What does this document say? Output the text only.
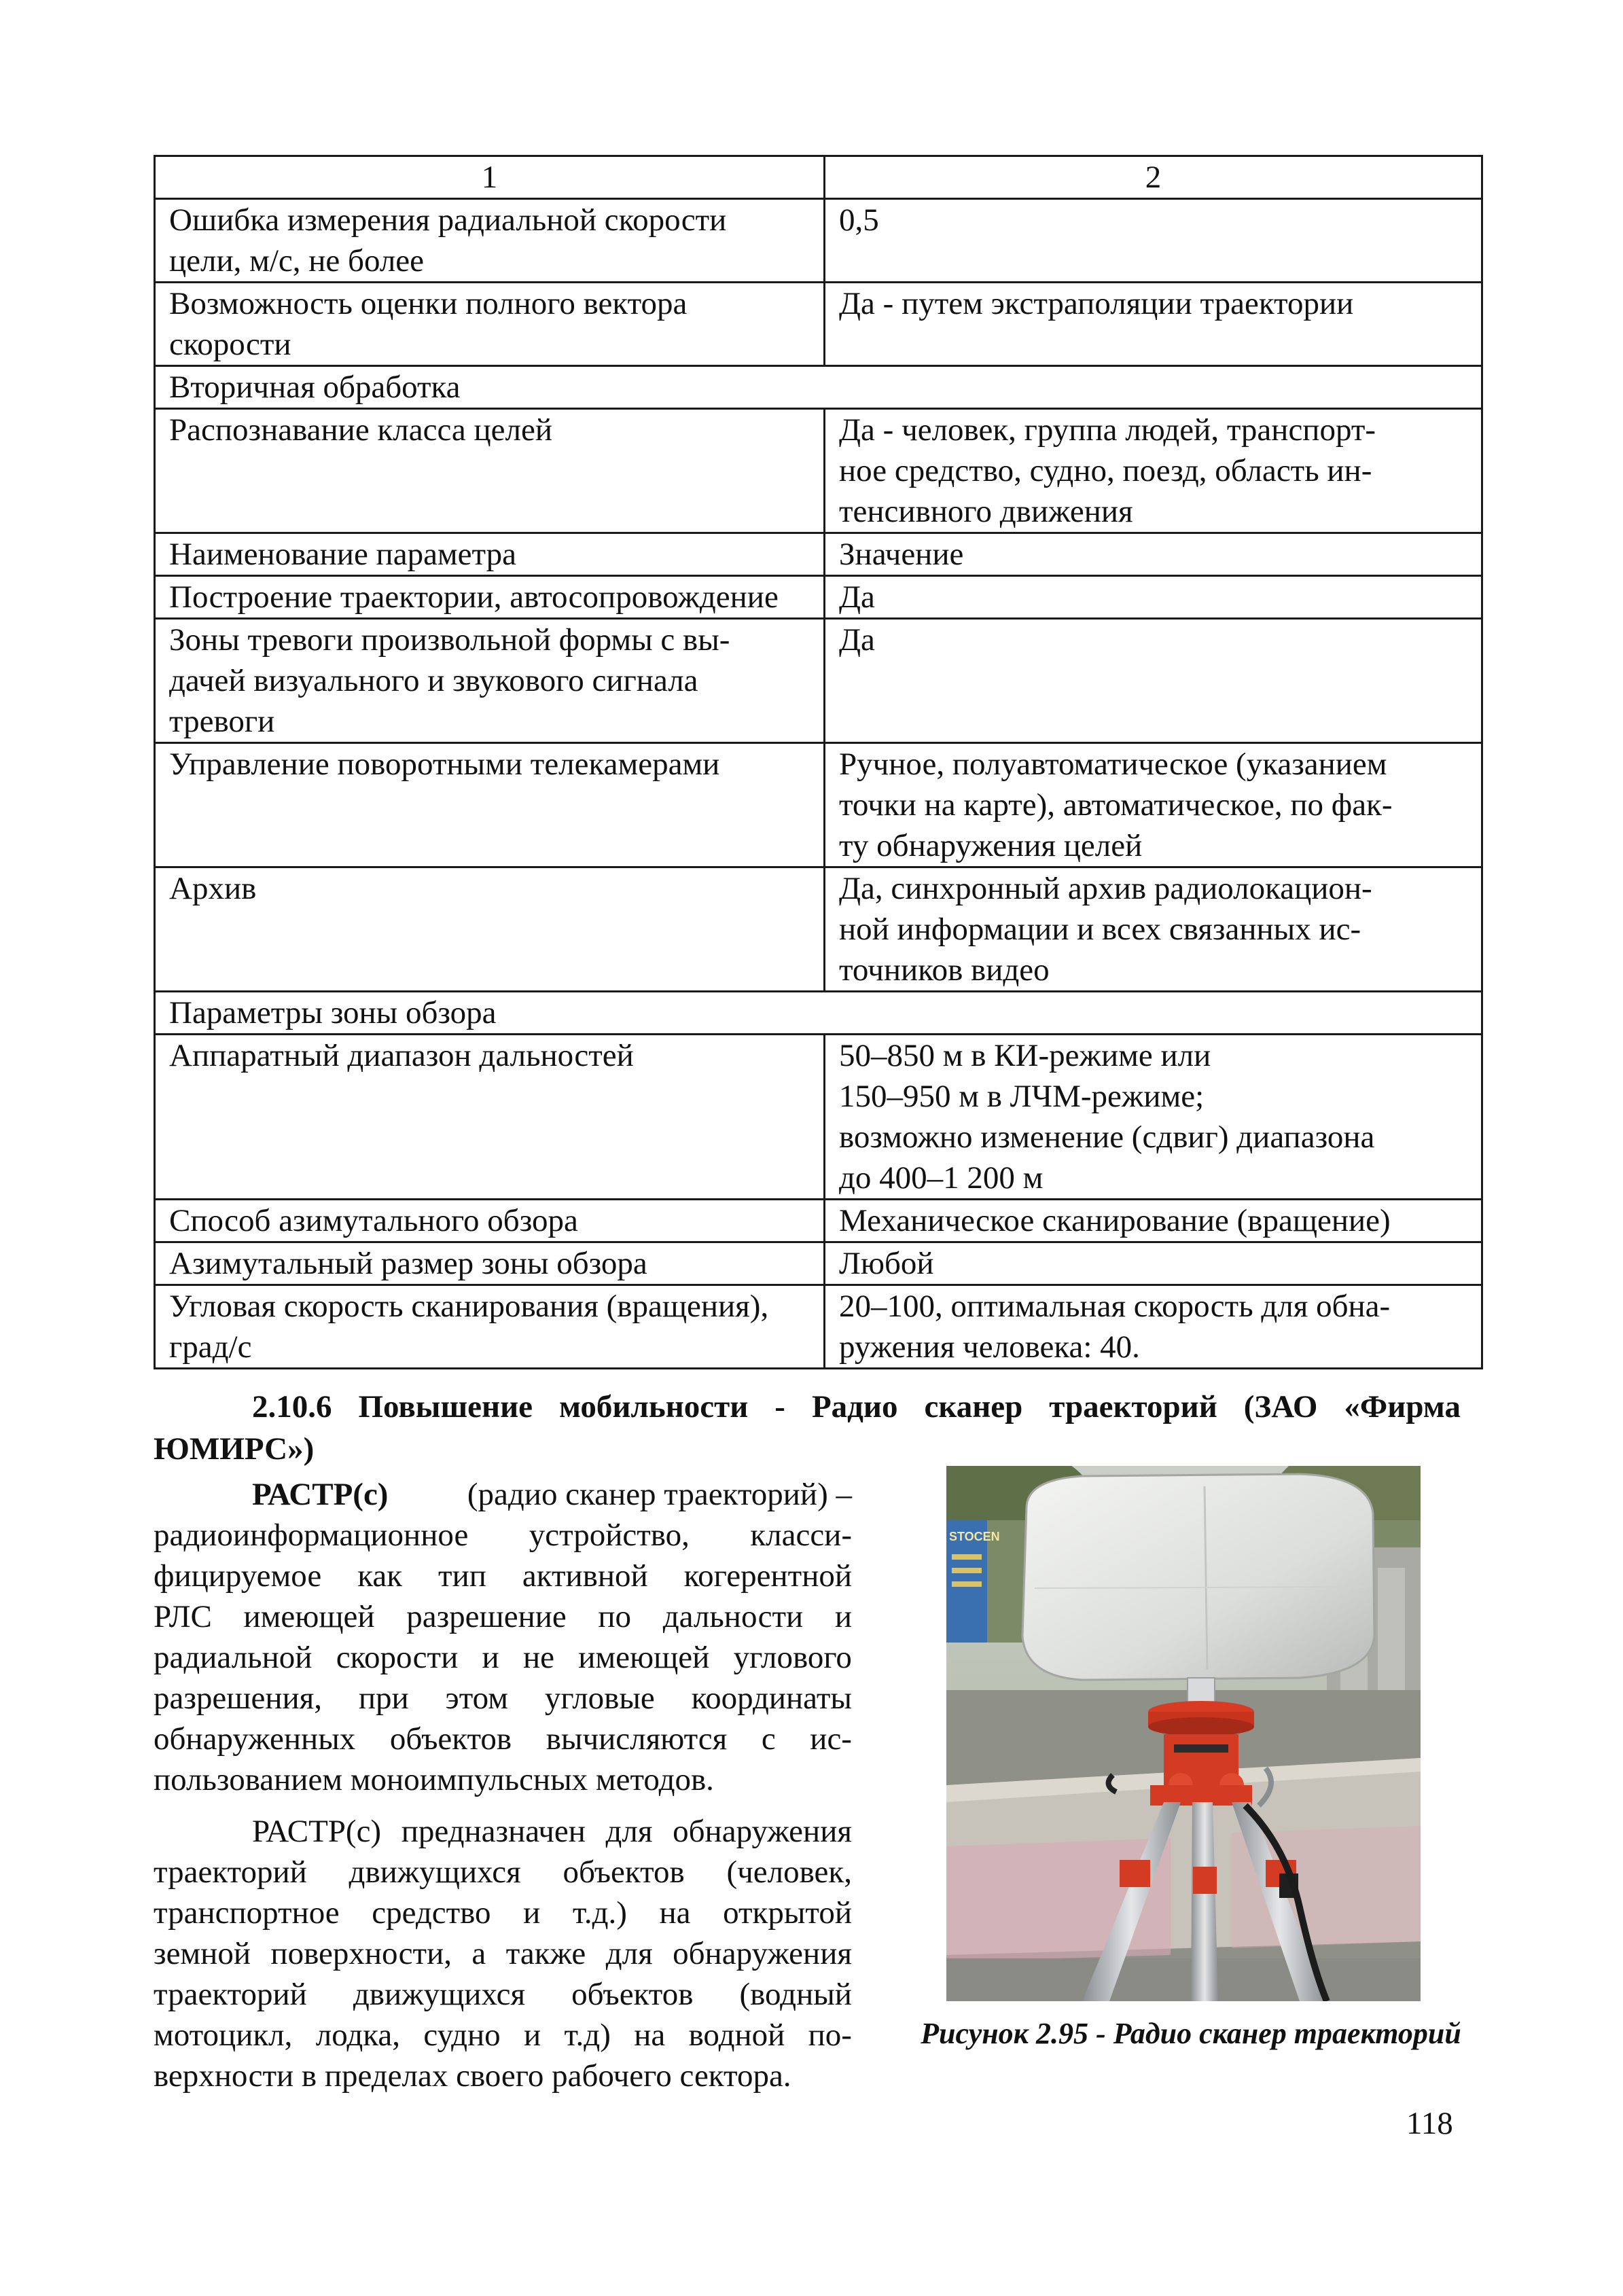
1	2

Ошибка измерения радиальной скорости
цели, м/с, не более	0,5

Возможность оценки полного вектора
скорости	Да - путем экстраполяции траектории

Вторичная обработка	

Распознавание класса целей	Да - человек, группа людей, транспорт-
ное средство, судно, поезд, область ин-
тенсивного движения

Наименование параметра	Значение

Построение траектории, автосопровождение	Да

Зоны тревоги произвольной формы с вы-
дачей визуального и звукового сигнала
тревоги	Да

Управление поворотными телекамерами	Ручное, полуавтоматическое (указанием
точки на карте), автоматическое, по фак-
ту обнаружения целей

Архив	Да, синхронный архив радиолокацион-
ной информации и всех связанных ис-
точников видео

Параметры зоны обзора	

Аппаратный диапазон дальностей	50–850 м в КИ-режиме или
150–950 м в ЛЧМ-режиме;
возможно изменение (сдвиг) диапазона
до 400–1 200 м

Способ азимутального обзора	Механическое сканирование (вращение)

Азимутальный размер зоны обзора	Любой

Угловая скорость сканирования (вращения),
град/с	20–100, оптимальная скорость для обна-
ружения человека: 40.
2.10.6 Повышение мобильности - Радио сканер траекторий (ЗАО «Фирма
ЮМИРС»)
РАСТР(с) (радио сканер траекторий) –
радиоинформационное устройство, класси-
фицируемое как тип активной когерентной
РЛС имеющей разрешение по дальности и
радиальной скорости и не имеющей углового
разрешения, при этом угловые координаты
обнаруженных объектов вычисляются с ис-
пользованием моноимпульсных методов.
РАСТР(с) предназначен для обнаружения
траекторий движущихся объектов (человек,
транспортное средство и т.д.) на открытой
земной поверхности, а также для обнаружения
траекторий движущихся объектов (водный
мотоцикл, лодка, судно и т.д) на водной по-
верхности в пределах своего рабочего сектора.
STOCEN
Рисунок 2.95 - Радио сканер траекторий
118
